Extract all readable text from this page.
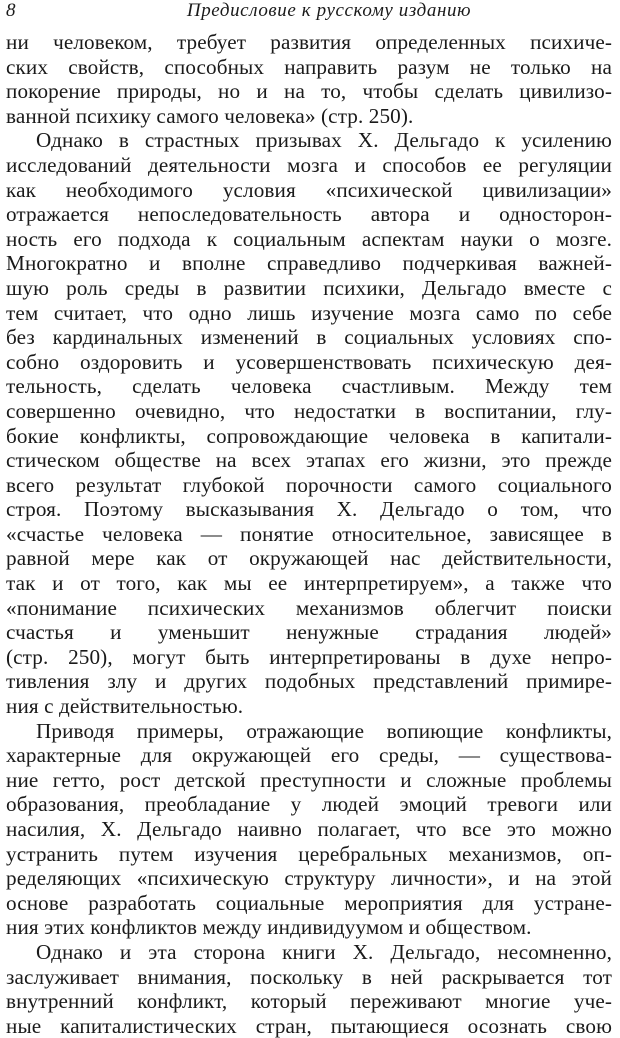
8	Предисловие к русскому изданию
ни человеком, требует развития определенных психиче-
ских свойств, способных направить разум не только на
покорение природы, но и на то, чтобы сделать цивилизо-
ванной психику самого человека» (стр. 250).
Однако в страстных призывах X. Дельгадо к усилению
исследований деятельности мозга и способов ее регуляции
как необходимого условия «психической цивилизации»
отражается непоследовательность автора и односторон-
ность его подхода к социальным аспектам науки о мозге.
Многократно и вполне справедливо подчеркивая важней-
шую роль среды в развитии психики, Дельгадо вместе с
тем считает, что одно лишь изучение мозга само по себе
без кардинальных изменений в социальных условиях спо-
собно оздоровить и усовершенствовать психическую дея-
тельность, сделать человека счастливым. Между тем
совершенно очевидно, что недостатки в воспитании, глу-
бокие конфликты, сопровождающие человека в капитали-
стическом обществе на всех этапах его жизни, это прежде
всего результат глубокой порочности самого социального
строя. Поэтому высказывания X. Дельгадо о том, что
«счастье человека — понятие относительное, зависящее в
равной мере как от окружающей нас действительности,
так и от того, как мы ее интерпретируем», а также что
«понимание психических механизмов облегчит поиски
счастья и уменьшит ненужные страдания людей»
(стр. 250), могут быть интерпретированы в духе непро-
тивления злу и других подобных представлений примире-
ния с действительностью.
Приводя примеры, отражающие вопиющие конфликты,
характерные для окружающей его среды, — существова-
ние гетто, рост детской преступности и сложные проблемы
образования, преобладание у людей эмоций тревоги или
насилия, X. Дельгадо наивно полагает, что все это можно
устранить путем изучения церебральных механизмов, оп-
ределяющих «психическую структуру личности», и на этой
основе разработать социальные мероприятия для устране-
ния этих конфликтов между индивидуумом и обществом.
Однако и эта сторона книги X. Дельгадо, несомненно,
заслуживает внимания, поскольку в ней раскрывается тот
внутренний конфликт, который переживают многие уче-
ные капиталистических стран, пытающиеся осознать свою
